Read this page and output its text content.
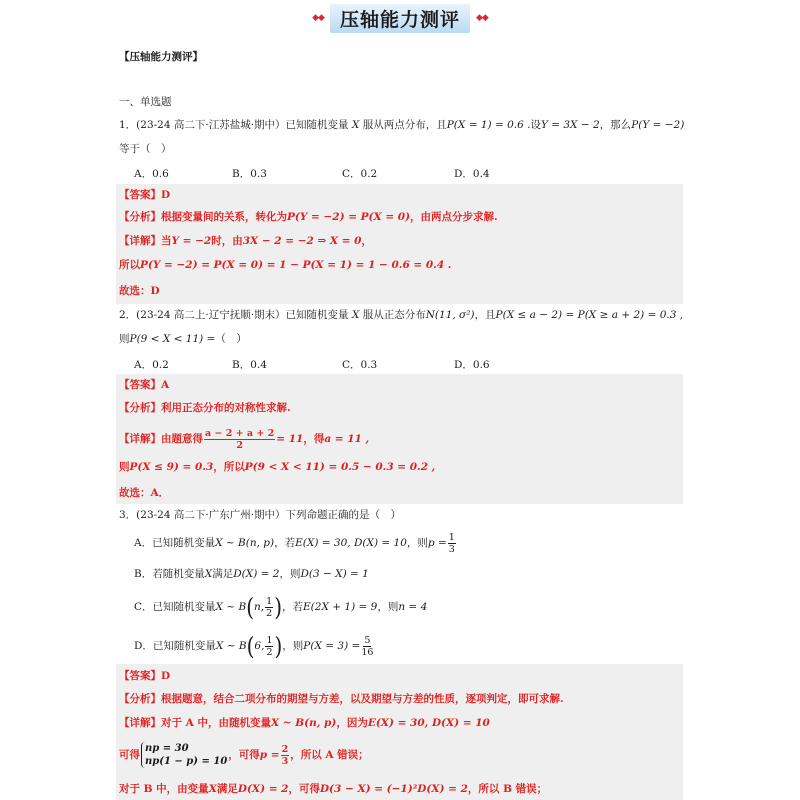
◆◆ 压轴能力测评	◆◆
【压轴能力测评】
一、单选题
1．(23-24 高二下·江苏盐城·期中）已知随机变量 X 服从两点分布，且P(X = 1) = 0.6 .设Y = 3X − 2，那么P(Y = −2)
等于（　）
A．0.6	B．0.3	C．0.2	D．0.4
【答案】D
【分析】根据变量间的关系，转化为P(Y = −2) = P(X = 0)，由两点分步求解.
【详解】当Y = −2时，由3X − 2 = −2 ⇒ X = 0，
所以P(Y = −2) = P(X = 0) = 1 − P(X = 1) = 1 − 0.6 = 0.4 .
故选：D
2．(23-24 高二上·辽宁抚顺·期末）已知随机变量 X 服从正态分布N(11, σ²)，且P(X ≤ a − 2) = P(X ≥ a + 2) = 0.3 ,
则P(9 < X < 11) =（　）
A．0.2	B．0.4	C．0.3	D．0.6
【答案】A
【分析】利用正态分布的对称性求解.
【详解】由题意得 $\frac{a - 2 + a + 2}{2} = 11$，得a = 11 ,
则P(X ≤ 9) = 0.3，所以P(9 < X < 11) = 0.5 − 0.3 = 0.2 ,
故选：A．
3．(23-24 高二下·广东广州·期中）下列命题正确的是（　）
A．已知随机变量X ~ B(n, p)，若E(X) = 30, D(X) = 10，则$p = \frac{1}{3}$
B．若随机变量X满足D(X) = 2，则D(3 − X) = 1
C．已知随机变量X ~ B(n, $\frac{1}{2}$ )，若E(2X + 1) = 9，则n = 4
D．已知随机变量X ~ B(6, $\frac{1}{2}$ )，则$P(X = 3) = \frac{5}{16}$
【答案】D
【分析】根据题意，结合二项分布的期望与方差，以及期望与方差的性质，逐项判定，即可求解.
【详解】对于 A 中，由随机变量X ~ B(n, p)，因为E(X) = 30, D(X) = 10
可得
np = 30
np(1 − p) = 10
，可得$p = \frac{2}{3}$ ，所以 A 错误；
对于 B 中，由变量X满足D(X) = 2，可得D(3 − X) = (−1)²D(X) = 2，所以 B 错误；
